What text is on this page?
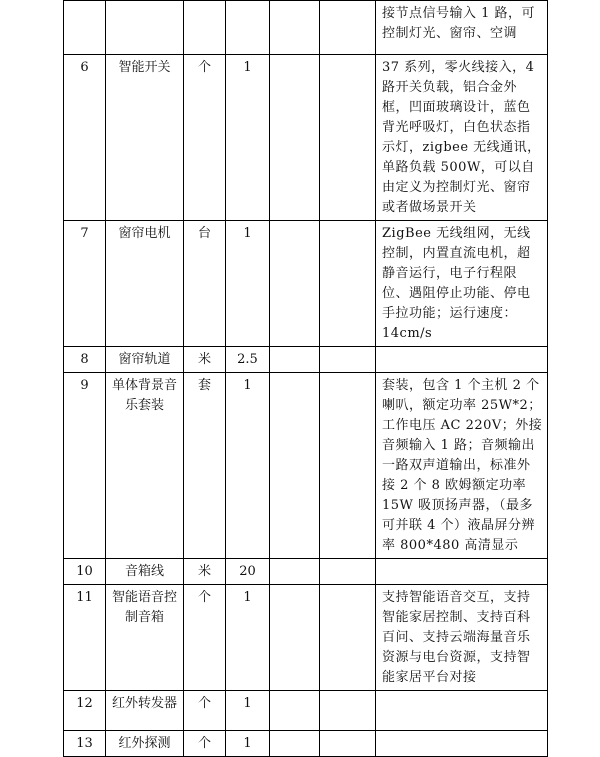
						接节点信号输入 1 路，可控制灯光、窗帘、空调
6	智能开关	个	1			37 系列，零火线接入，4 路开关负载，铝合金外框，凹面玻璃设计，蓝色背光呼吸灯，白色状态指示灯，zigbee 无线通讯，单路负载 500W，可以自由定义为控制灯光、窗帘或者做场景开关
7	窗帘电机	台	1			ZigBee 无线组网，无线控制，内置直流电机，超静音运行，电子行程限位、遇阻停止功能、停电手拉功能；运行速度：14cm/s
8	窗帘轨道	米	2.5			
9	单体背景音乐套装	套	1			套装，包含 1 个主机 2 个喇叭，额定功率 25W*2；工作电压 AC 220V；外接音频输入 1 路；音频输出一路双声道输出，标准外接 2 个 8 欧姆额定功率 15W 吸顶扬声器，（最多可并联 4 个）液晶屏分辨率 800*480 高清显示
10	音箱线	米	20			
11	智能语音控制音箱	个	1			支持智能语音交互，支持智能家居控制、支持百科百问、支持云端海量音乐资源与电台资源，支持智能家居平台对接
12	红外转发器	个	1			
13	红外探测	个	1			
